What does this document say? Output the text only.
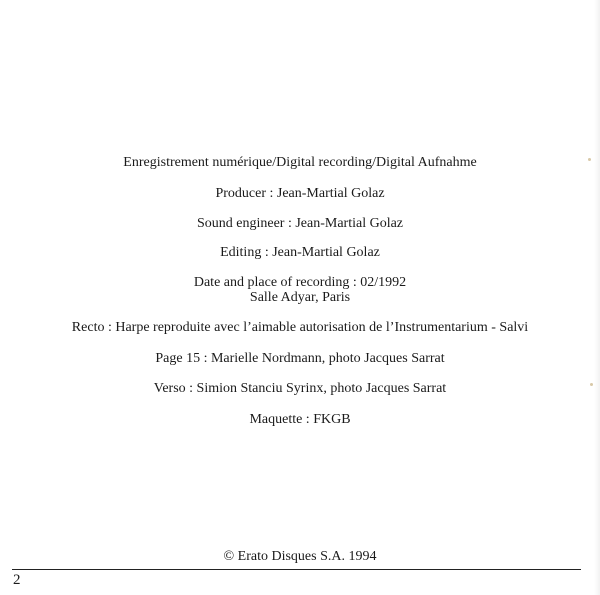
Enregistrement numérique/Digital recording/Digital Aufnahme
Producer : Jean-Martial Golaz
Sound engineer : Jean-Martial Golaz
Editing : Jean-Martial Golaz
Date and place of recording : 02/1992
Salle Adyar, Paris
Recto : Harpe reproduite avec l’aimable autorisation de l’Instrumentarium - Salvi
Page 15 : Marielle Nordmann, photo Jacques Sarrat
Verso : Simion Stanciu Syrinx, photo Jacques Sarrat
Maquette : FKGB
© Erato Disques S.A. 1994
2
